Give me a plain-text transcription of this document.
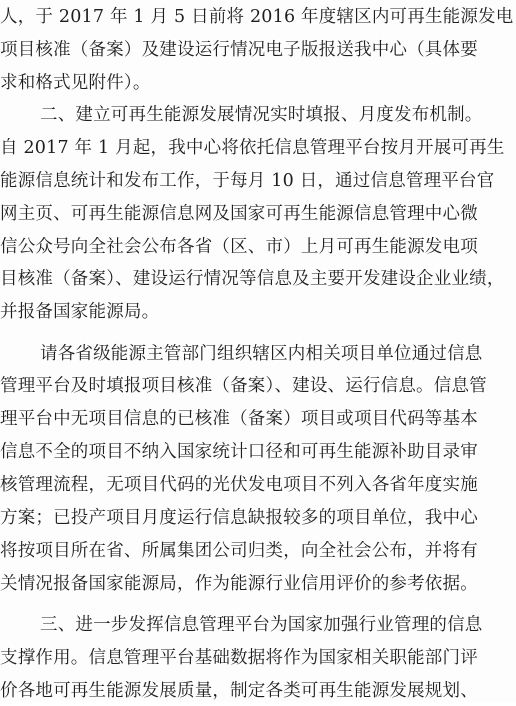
人，于 2017 年 1 月 5 日前将 2016 年度辖区内可再生能源发电
项目核准（备案）及建设运行情况电子版报送我中心（具体要
求和格式见附件）。
二、建立可再生能源发展情况实时填报、月度发布机制。
自 2017 年 1 月起，我中心将依托信息管理平台按月开展可再生
能源信息统计和发布工作，于每月 10 日，通过信息管理平台官
网主页、可再生能源信息网及国家可再生能源信息管理中心微
信公众号向全社会公布各省（区、市）上月可再生能源发电项
目核准（备案）、建设运行情况等信息及主要开发建设企业业绩，
并报备国家能源局。
请各省级能源主管部门组织辖区内相关项目单位通过信息
管理平台及时填报项目核准（备案）、建设、运行信息。信息管
理平台中无项目信息的已核准（备案）项目或项目代码等基本
信息不全的项目不纳入国家统计口径和可再生能源补助目录审
核管理流程，无项目代码的光伏发电项目不列入各省年度实施
方案；已投产项目月度运行信息缺报较多的项目单位，我中心
将按项目所在省、所属集团公司归类，向全社会公布，并将有
关情况报备国家能源局，作为能源行业信用评价的参考依据。
三、进一步发挥信息管理平台为国家加强行业管理的信息
支撑作用。信息管理平台基础数据将作为国家相关职能部门评
价各地可再生能源发展质量，制定各类可再生能源发展规划、
